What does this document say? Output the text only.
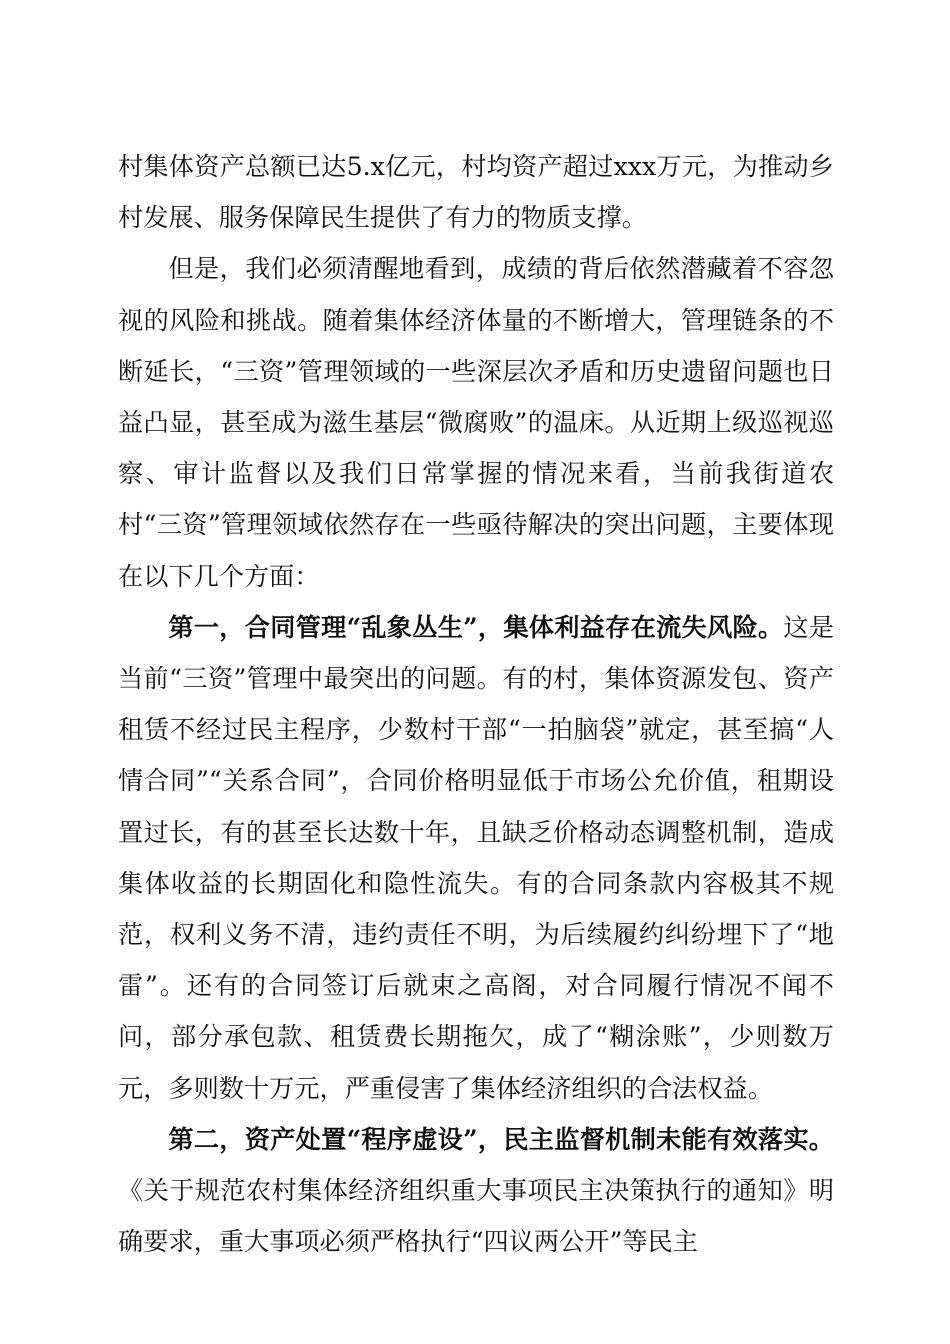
村集体资产总额已达5.x亿元，村均资产超过xxx万元，为推动乡村发展、服务保障民生提供了有力的物质支撑。

但是，我们必须清醒地看到，成绩的背后依然潜藏着不容忽视的风险和挑战。随着集体经济体量的不断增大，管理链条的不断延长，“三资”管理领域的一些深层次矛盾和历史遗留问题也日益凸显，甚至成为滋生基层“微腐败”的温床。从近期上级巡视巡察、审计监督以及我们日常掌握的情况来看，当前我街道农村“三资”管理领域依然存在一些亟待解决的突出问题，主要体现在以下几个方面：

第一，合同管理“乱象丛生”，集体利益存在流失风险。这是当前“三资”管理中最突出的问题。有的村，集体资源发包、资产租赁不经过民主程序，少数村干部“一拍脑袋”就定，甚至搞“人情合同”“关系合同”，合同价格明显低于市场公允价值，租期设置过长，有的甚至长达数十年，且缺乏价格动态调整机制，造成集体收益的长期固化和隐性流失。有的合同条款内容极其不规范，权利义务不清，违约责任不明，为后续履约纠纷埋下了“地雷”。还有的合同签订后就束之高阁，对合同履行情况不闻不问，部分承包款、租赁费长期拖欠，成了“糊涂账”，少则数万元，多则数十万元，严重侵害了集体经济组织的合法权益。

第二，资产处置“程序虚设”，民主监督机制未能有效落实。《关于规范农村集体经济组织重大事项民主决策执行的通知》明确要求，重大事项必须严格执行“四议两公开”等民主
